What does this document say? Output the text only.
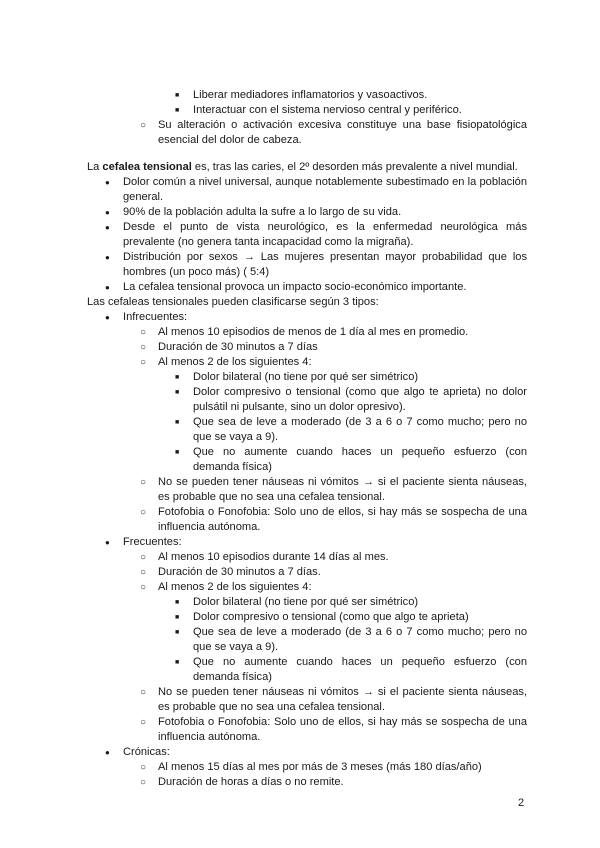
■	Liberar mediadores inflamatorios y vasoactivos.
■	Interactuar con el sistema nervioso central y periférico.
○	Su alteración o activación excesiva constituye una base fisiopatológica esencial del dolor de cabeza.

La cefalea tensional es, tras las caries, el 2º desorden más prevalente a nivel mundial.

●	Dolor común a nivel universal, aunque notablemente subestimado en la población general.
●	90% de la población adulta la sufre a lo largo de su vida.
●	Desde el punto de vista neurológico, es la enfermedad neurológica más prevalente (no genera tanta incapacidad como la migraña).
●	Distribución por sexos → Las mujeres presentan mayor probabilidad que los hombres (un poco más) ( 5:4)
●	La cefalea tensional provoca un impacto socio-económico importante.

Las cefaleas tensionales pueden clasificarse según 3 tipos:

●	Infrecuentes:
○	Al menos 10 episodios de menos de 1 día al mes en promedio.
○	Duración de 30 minutos a 7 días
○	Al menos 2 de los siguientes 4:
■	Dolor bilateral (no tiene por qué ser simétrico)
■	Dolor compresivo o tensional (como que algo te aprieta) no dolor pulsátil ni pulsante, sino un dolor opresivo).
■	Que sea de leve a moderado (de 3 a 6 o 7 como mucho; pero no que se vaya a 9).
■	Que no aumente cuando haces un pequeño esfuerzo (con demanda física)
○	No se pueden tener náuseas ni vómitos → si el paciente sienta náuseas, es probable que no sea una cefalea tensional.
○	Fotofobia o Fonofobia: Solo uno de ellos, si hay más se sospecha de una influencia autónoma.
●	Frecuentes:
○	Al menos 10 episodios durante 14 días al mes.
○	Duración de 30 minutos a 7 días.
○	Al menos 2 de los siguientes 4:
■	Dolor bilateral (no tiene por qué ser simétrico)
■	Dolor compresivo o tensional (como que algo te aprieta)
■	Que sea de leve a moderado (de 3 a 6 o 7 como mucho; pero no que se vaya a 9).
■	Que no aumente cuando haces un pequeño esfuerzo (con demanda física)
○	No se pueden tener náuseas ni vómitos → si el paciente sienta náuseas, es probable que no sea una cefalea tensional.
○	Fotofobia o Fonofobia: Solo uno de ellos, si hay más se sospecha de una influencia autónoma.
●	Crónicas:
○	Al menos 15 días al mes por más de 3 meses (más 180 días/año)
○	Duración de horas a días o no remite.
2
